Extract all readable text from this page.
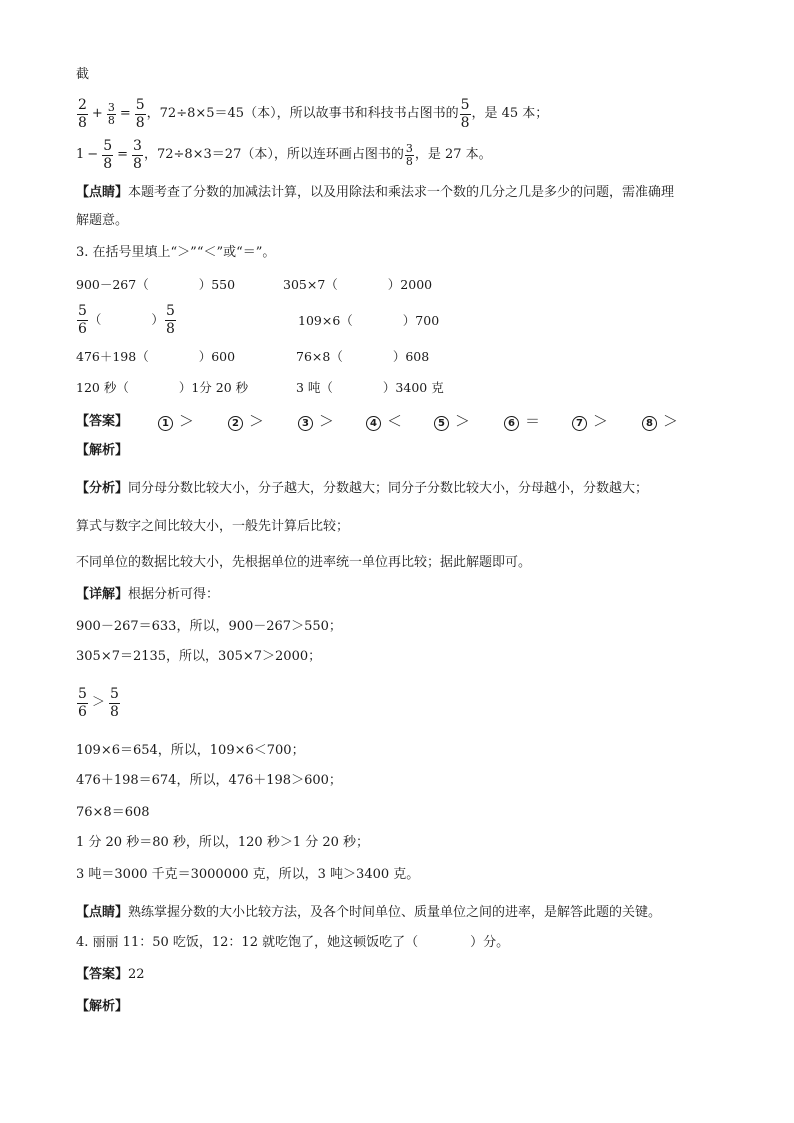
截
$\frac{2}{8} + \frac{3}{8} = \frac{5}{8}$ ，72÷8×5＝45（本），所以故事书和科技书占图书的 $\frac{5}{8}$ ，是 45 本；
$1 - \frac{5}{8} = \frac{3}{8}$ ，72÷8×3＝27（本），所以连环画占图书的 $\frac{3}{8}$ ，是 27 本。
【点睛】本题考查了分数的加减法计算，以及用除法和乘法求一个数的几分之几是多少的问题，需准确理
解题意。
3. 在括号里填上“＞”“＜”或“＝”。
900－267（　　　　）550	305×7（　　　　）2000
$\frac{5}{6}$ （　　　　） $\frac{5}{8}$	109×6（　　　　）700
476＋198（　　　　）600	76×8（　　　　）608
120 秒（　　　　）1分 20 秒	3 吨（　　　　）3400 克
【答案】	1 ＞	2 ＞	3 ＞	4 ＜	5 ＞	6 ＝	7 ＞	8 ＞
【解析】
【分析】同分母分数比较大小，分子越大，分数越大；同分子分数比较大小，分母越小，分数越大；
算式与数字之间比较大小，一般先计算后比较；
不同单位的数据比较大小，先根据单位的进率统一单位再比较；据此解题即可。
【详解】根据分析可得：
900－267＝633，所以，900－267＞550；
305×7＝2135，所以，305×7＞2000；
$\frac{5}{6} > \frac{5}{8}$
109×6＝654，所以，109×6＜700；
476＋198＝674，所以，476＋198＞600；
76×8＝608
1 分 20 秒＝80 秒，所以，120 秒＞1 分 20 秒；
3 吨＝3000 千克＝3000000 克，所以，3 吨＞3400 克。
【点睛】熟练掌握分数的大小比较方法，及各个时间单位、质量单位之间的进率，是解答此题的关键。
4. 丽丽 11：50 吃饭，12：12 就吃饱了，她这顿饭吃了（　　　　）分。
【答案】22
【解析】
